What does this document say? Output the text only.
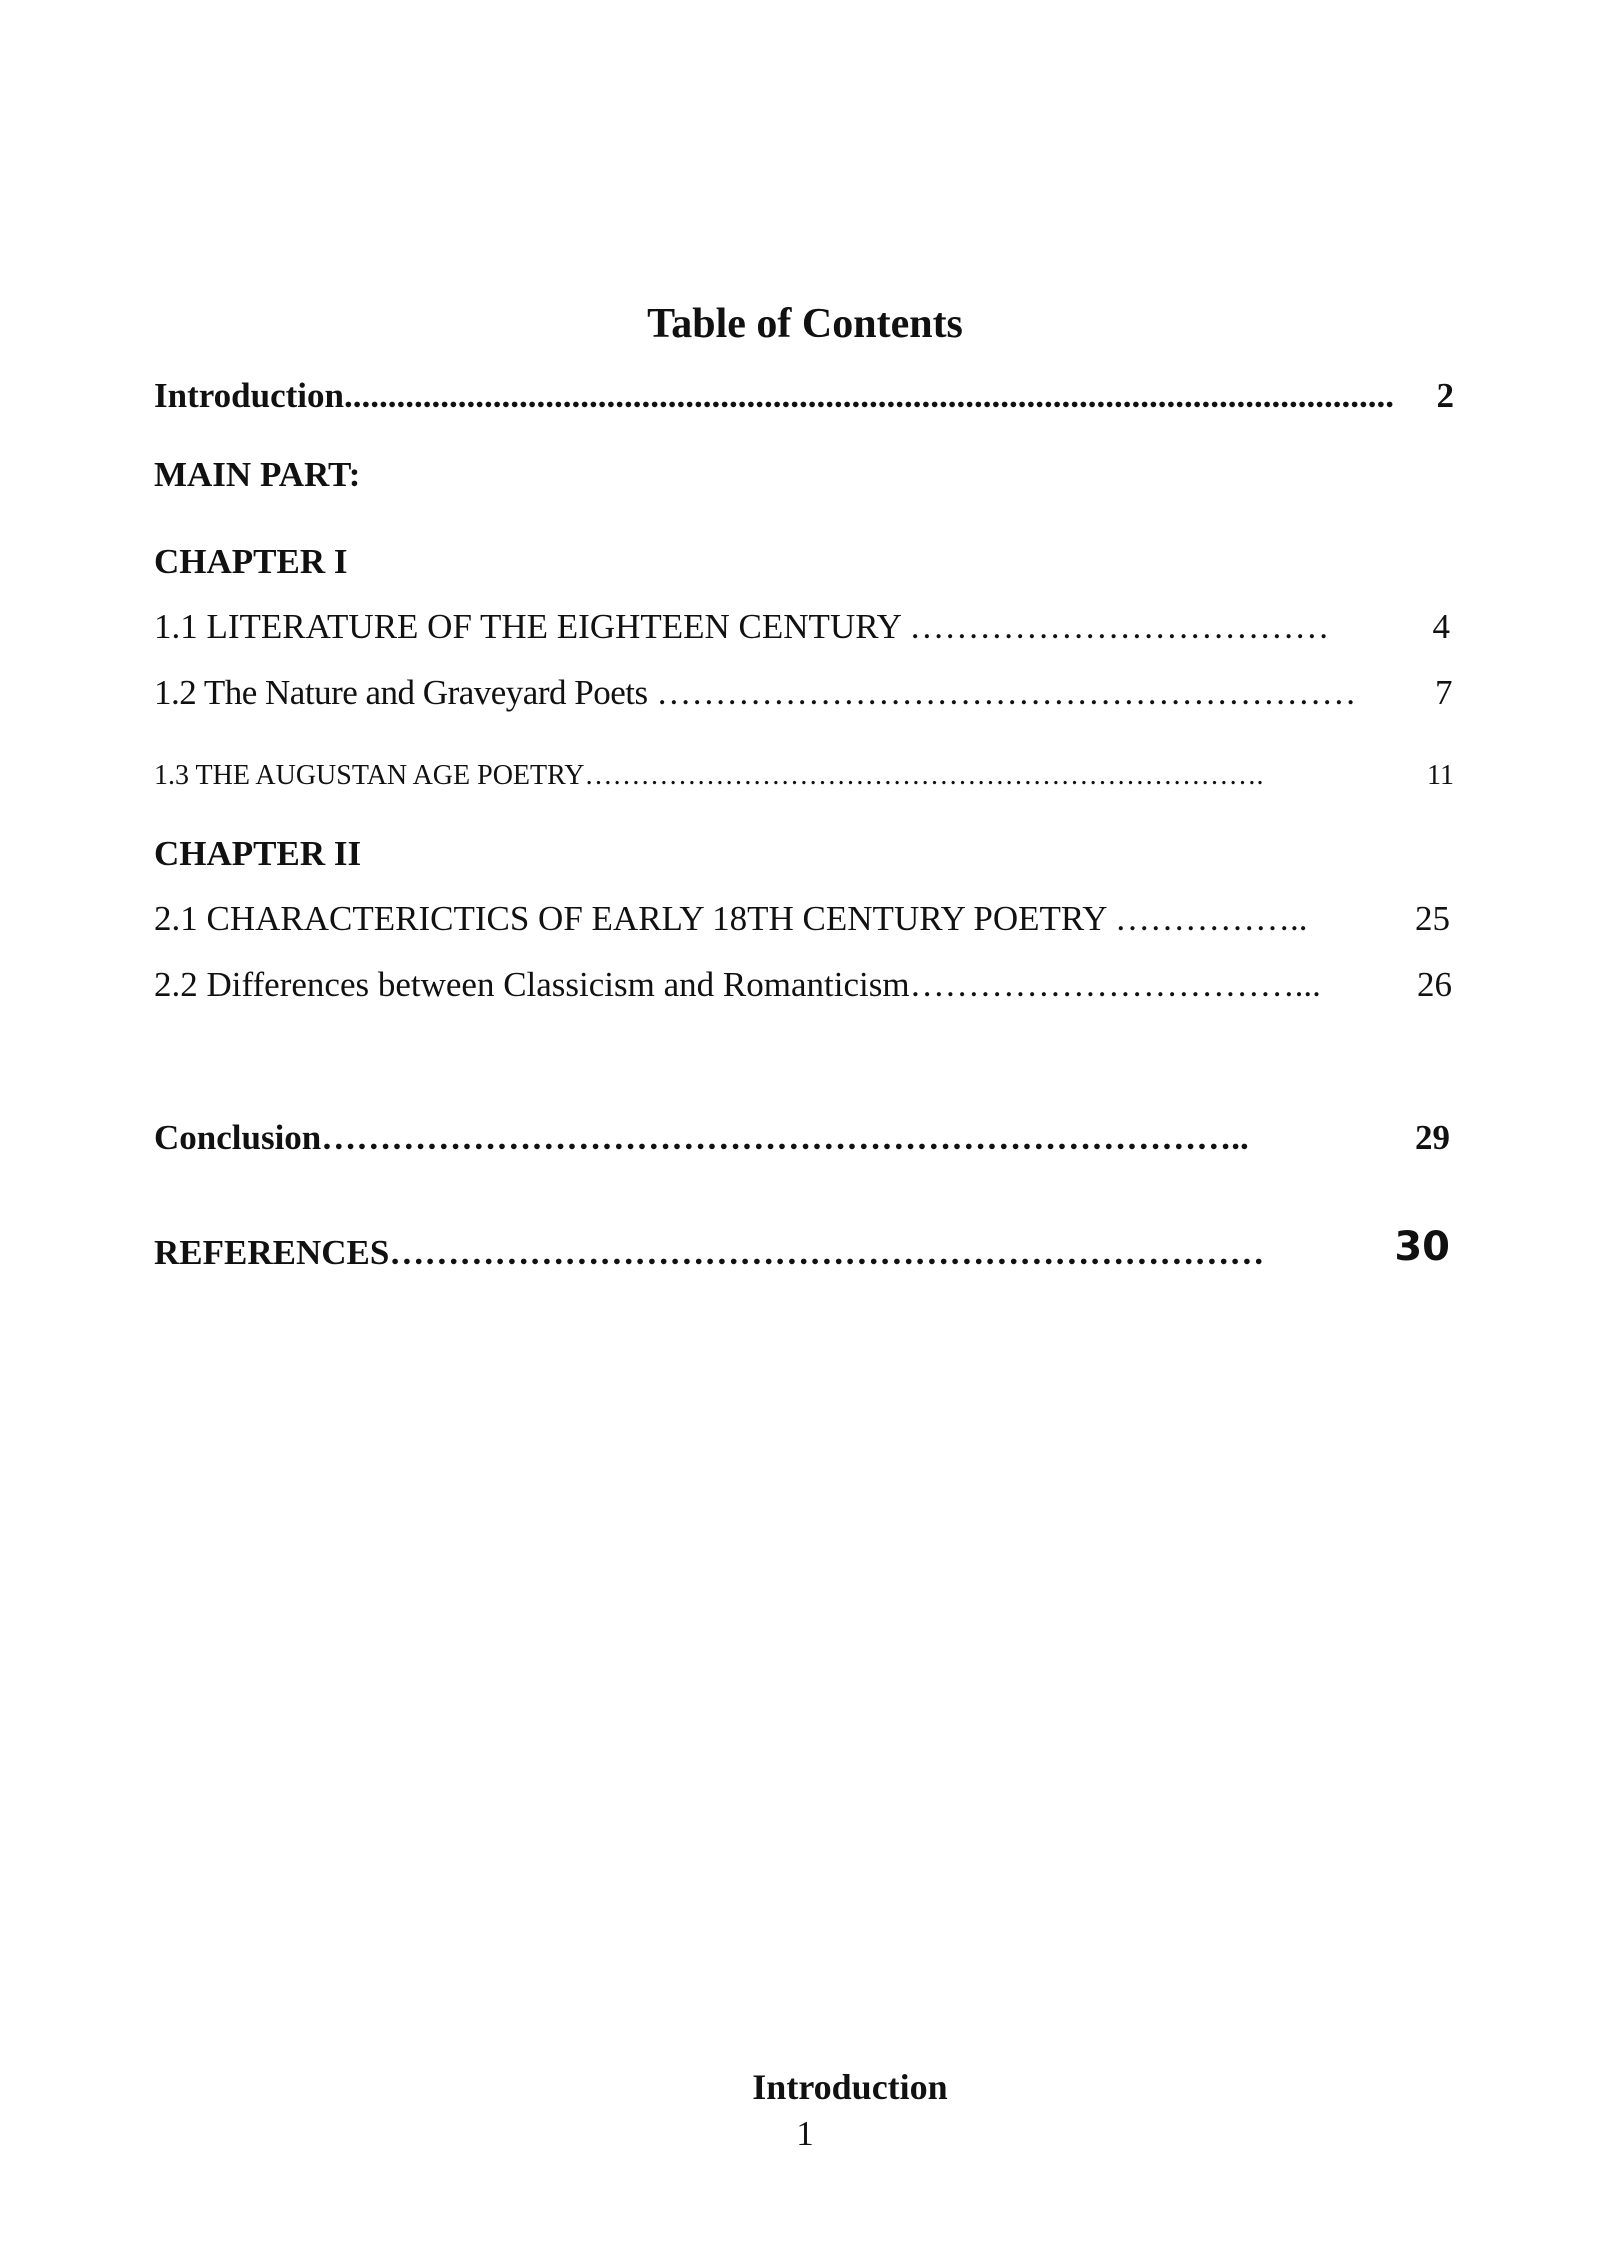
Table of Contents
Introduction........................................................................................................................ 2
MAIN PART:
CHAPTER I
1.1 LITERATURE OF THE EIGHTEEN CENTURY ………………………………	4
1.2 The Nature and Graveyard Poets …………………………………………………… 7
1.3 THE AUGUSTAN AGE POETRY……………………………………………………………….	11
CHAPTER II
2.1 CHARACTERICTICS OF EARLY 18TH CENTURY POETRY ……………..	25
2.2 Differences between Classicism and Romanticism……………………………...	26
Conclusion……………………………………………………………………..	29
REFERENCES…………………………………………………………………	30
Introduction
1
